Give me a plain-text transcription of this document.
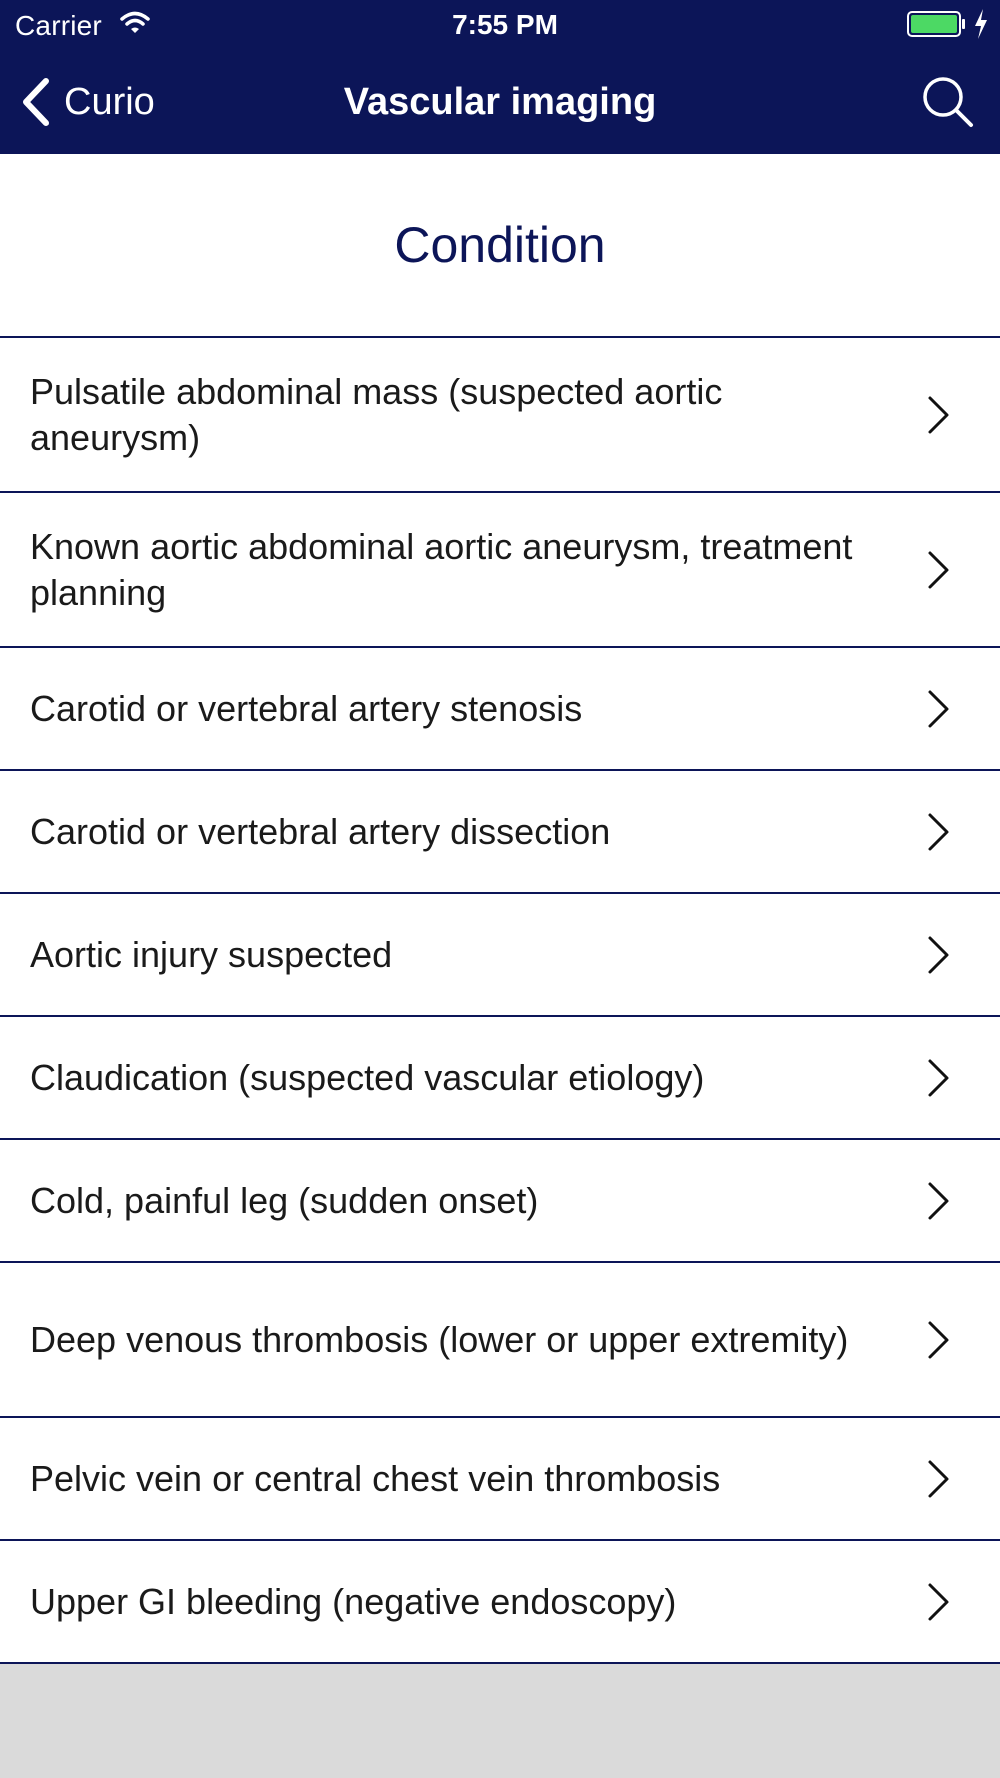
Carrier	7:55 PM
Curio	Vascular imaging
Condition
Pulsatile abdominal mass (suspected aortic aneurysm)
Known aortic abdominal aortic aneurysm, treatment planning
Carotid or vertebral artery stenosis
Carotid or vertebral artery dissection
Aortic injury suspected
Claudication (suspected vascular etiology)
Cold, painful leg (sudden onset)
Deep venous thrombosis (lower or upper extremity)
Pelvic vein or central chest vein thrombosis
Upper GI bleeding (negative endoscopy)
